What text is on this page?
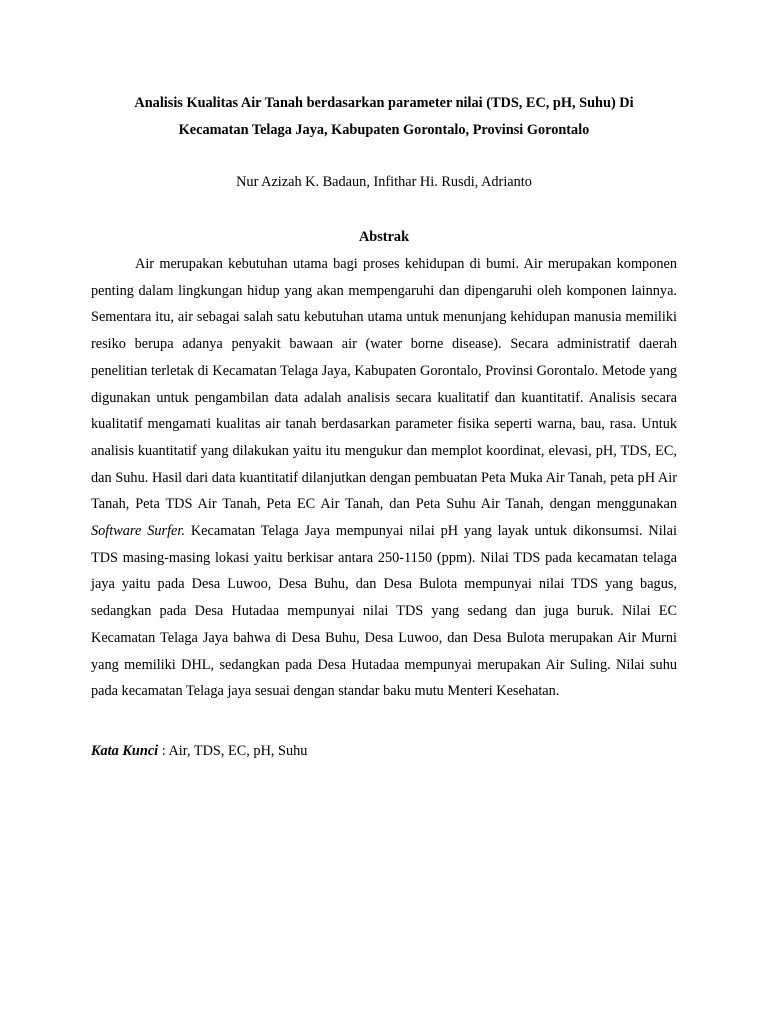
Analisis Kualitas Air Tanah berdasarkan parameter nilai (TDS, EC, pH, Suhu) Di
Kecamatan Telaga Jaya, Kabupaten Gorontalo, Provinsi Gorontalo
Nur Azizah K. Badaun, Infithar Hi. Rusdi, Adrianto
Abstrak

Air merupakan kebutuhan utama bagi proses kehidupan di bumi. Air merupakan komponen penting dalam lingkungan hidup yang akan mempengaruhi dan dipengaruhi oleh komponen lainnya. Sementara itu, air sebagai salah satu kebutuhan utama untuk menunjang kehidupan manusia memiliki resiko berupa adanya penyakit bawaan air (water borne disease). Secara administratif daerah penelitian terletak di Kecamatan Telaga Jaya, Kabupaten Gorontalo, Provinsi Gorontalo. Metode yang digunakan untuk pengambilan data adalah analisis secara kualitatif dan kuantitatif. Analisis secara kualitatif mengamati kualitas air tanah berdasarkan parameter fisika seperti warna, bau, rasa. Untuk analisis kuantitatif yang dilakukan yaitu itu mengukur dan memplot koordinat, elevasi, pH, TDS, EC, dan Suhu. Hasil dari data kuantitatif dilanjutkan dengan pembuatan Peta Muka Air Tanah, peta pH Air Tanah, Peta TDS Air Tanah, Peta EC Air Tanah, dan Peta Suhu Air Tanah, dengan menggunakan Software Surfer. Kecamatan Telaga Jaya mempunyai nilai pH yang layak untuk dikonsumsi. Nilai TDS masing-masing lokasi yaitu berkisar antara 250-1150 (ppm). Nilai TDS pada kecamatan telaga jaya yaitu pada Desa Luwoo, Desa Buhu, dan Desa Bulota mempunyai nilai TDS yang bagus, sedangkan pada Desa Hutadaa mempunyai nilai TDS yang sedang dan juga buruk. Nilai EC Kecamatan Telaga Jaya bahwa di Desa Buhu, Desa Luwoo, dan Desa Bulota merupakan Air Murni yang memiliki DHL, sedangkan pada Desa Hutadaa mempunyai merupakan Air Suling. Nilai suhu pada kecamatan Telaga jaya sesuai dengan standar baku mutu Menteri Kesehatan.

Kata Kunci : Air, TDS, EC, pH, Suhu
